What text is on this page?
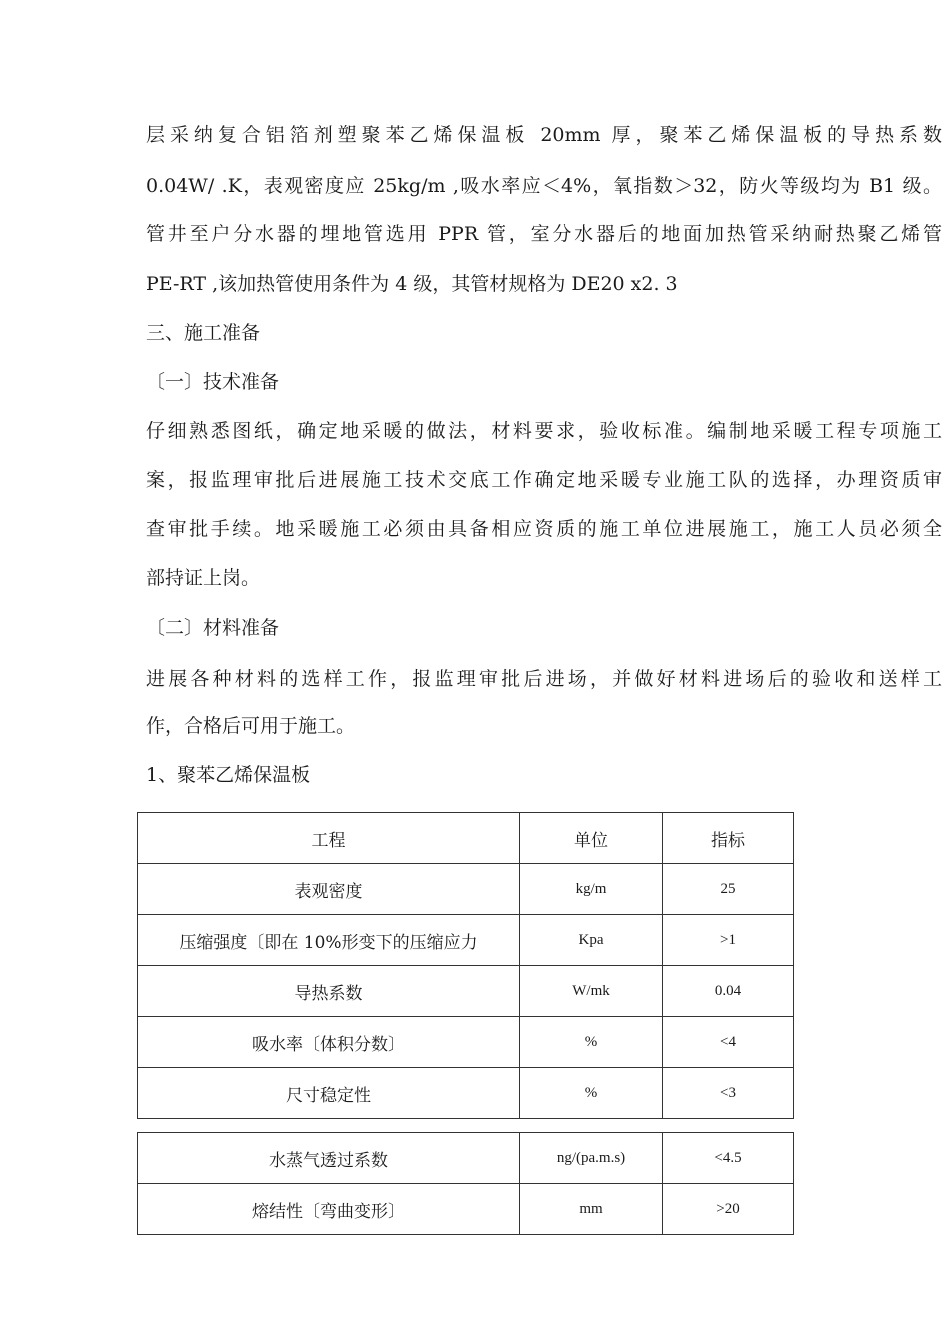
层采纳复合铝箔剂塑聚苯乙烯保温板 20mm 厚，聚苯乙烯保温板的导热系数
0.04W/ .K，表观密度应 25kg/m ,吸水率应＜4%，氧指数＞32，防火等级均为 B1 级。
管井至户分水器的埋地管选用 PPR 管，室分水器后的地面加热管采纳耐热聚乙烯管
PE-RT ,该加热管使用条件为 4 级，其管材规格为 DE20 x2. 3
三、施工准备
〔一〕技术准备
仔细熟悉图纸，确定地采暖的做法，材料要求，验收标准。编制地采暖工程专项施工
案，报监理审批后进展施工技术交底工作确定地采暖专业施工队的选择，办理资质审
查审批手续。地采暖施工必须由具备相应资质的施工单位进展施工，施工人员必须全
部持证上岗。
〔二〕材料准备
进展各种材料的选样工作，报监理审批后进场，并做好材料进场后的验收和送样工
作，合格后可用于施工。
1、聚苯乙烯保温板
工程	单位	指标
表观密度	kg/m	25
压缩强度〔即在 10%形变下的压缩应力	Kpa	>1
导热系数	W/mk	0.04
吸水率〔体积分数〕	%	<4
尺寸稳定性	%	<3
水蒸气透过系数	ng/(pa.m.s)	<4.5
熔结性〔弯曲变形〕	mm	>20
